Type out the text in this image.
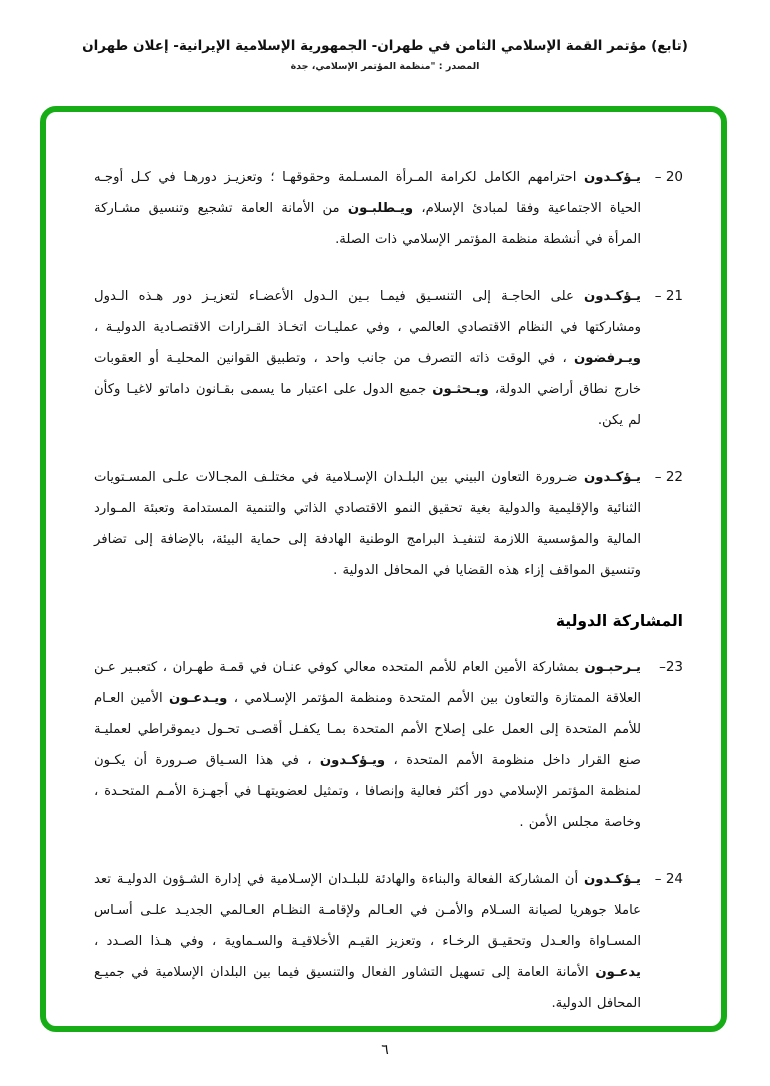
(تابع) مؤتمر القمة الإسلامي الثامن في طهران- الجمهورية الإسلامية الإيرانية- إعلان طهران
المصدر : "منظمة المؤتمر الإسلامي، جدة
20 –
يـؤكـدون احترامهم الكامل لكرامة المـرأة المسـلمة وحقوقهـا ؛ وتعزيـز دورهـا في كـل أوجـه الحياة الاجتماعية وفقا لمبادئ الإسلام، ويـطلبـون من الأمانة العامة تشجيع وتنسيق مشـاركة المرأة في أنشطة منظمة المؤتمر الإسلامي ذات الصلة.
21 –
يـؤكـدون على الحاجـة إلى التنسـيق فيمـا بـين الـدول الأعضـاء لتعزيـز دور هـذه الـدول ومشاركتها في النظام الاقتصادي العالمي ، وفي عمليـات اتخـاذ القـرارات الاقتصـادية الدوليـة ، ويـرفضون ، في الوقت ذاته التصرف من جانب واحد ، وتطبيق القوانين المحليـة أو العقوبات خارج نطاق أراضي الدولة، ويـحثـون جميع الدول على اعتبار ما يسمى بقـانون داماتو لاغيـا وكأن لم يكن.
22 –
يـؤكـدون ضـرورة التعاون البيني بين البلـدان الإسـلامية في مختلـف المجـالات علـى المسـتويات الثنائية والإقليمية والدولية بغية تحقيق النمو الاقتصادي الذاتي والتنمية المستدامة وتعبئة المـوارد المالية والمؤسسية اللازمة لتنفيـذ البرامج الوطنية الهادفة إلى حماية البيئة، بالإضافة إلى تضافر وتنسيق المواقف إزاء هذه القضايا في المحافل الدولية .
المشاركة الدولية
23–
يـرحبـون بمشاركة الأمين العام للأمم المتحده معالي كوفي عنـان في قمـة طهـران ، كتعبـير عـن العلاقة الممتازة والتعاون بين الأمم المتحدة ومنظمة المؤتمر الإسـلامي ، ويـدعـون الأمين العـام للأمم المتحدة إلى العمل على إصلاح الأمم المتحدة بمـا يكفـل أقصـى تحـول ديموقراطي لعمليـة صنع القرار داخل منظومة الأمم المتحدة ، ويـؤكـدون ، في هذا السـياق صـرورة أن يكـون لمنظمة المؤتمر الإسلامي دور أكثر فعالية وإنصافا ، وتمثيل لعضويتهـا في أجهـزة الأمـم المتحـدة ، وخاصة مجلس الأمن .
24 –
يـؤكـدون أن المشاركة الفعالة والبناءة والهادئة للبلـدان الإسـلامية في إدارة الشـؤون الدوليـة تعد عاملا جوهريا لصيانة السـلام والأمـن في العـالم ولإقامـة النظـام العـالمي الجديـد علـى أسـاس المسـاواة والعـدل وتحقيـق الرخـاء ، وتعزيز القيـم الأخلاقيـة والسـماوية ، وفي هـذا الصـدد ، يدعـون الأمانة العامة إلى تسهيل التشاور الفعال والتنسيق فيما بين البلدان الإسلامية في جميـع المحافل الدولية.
٦
